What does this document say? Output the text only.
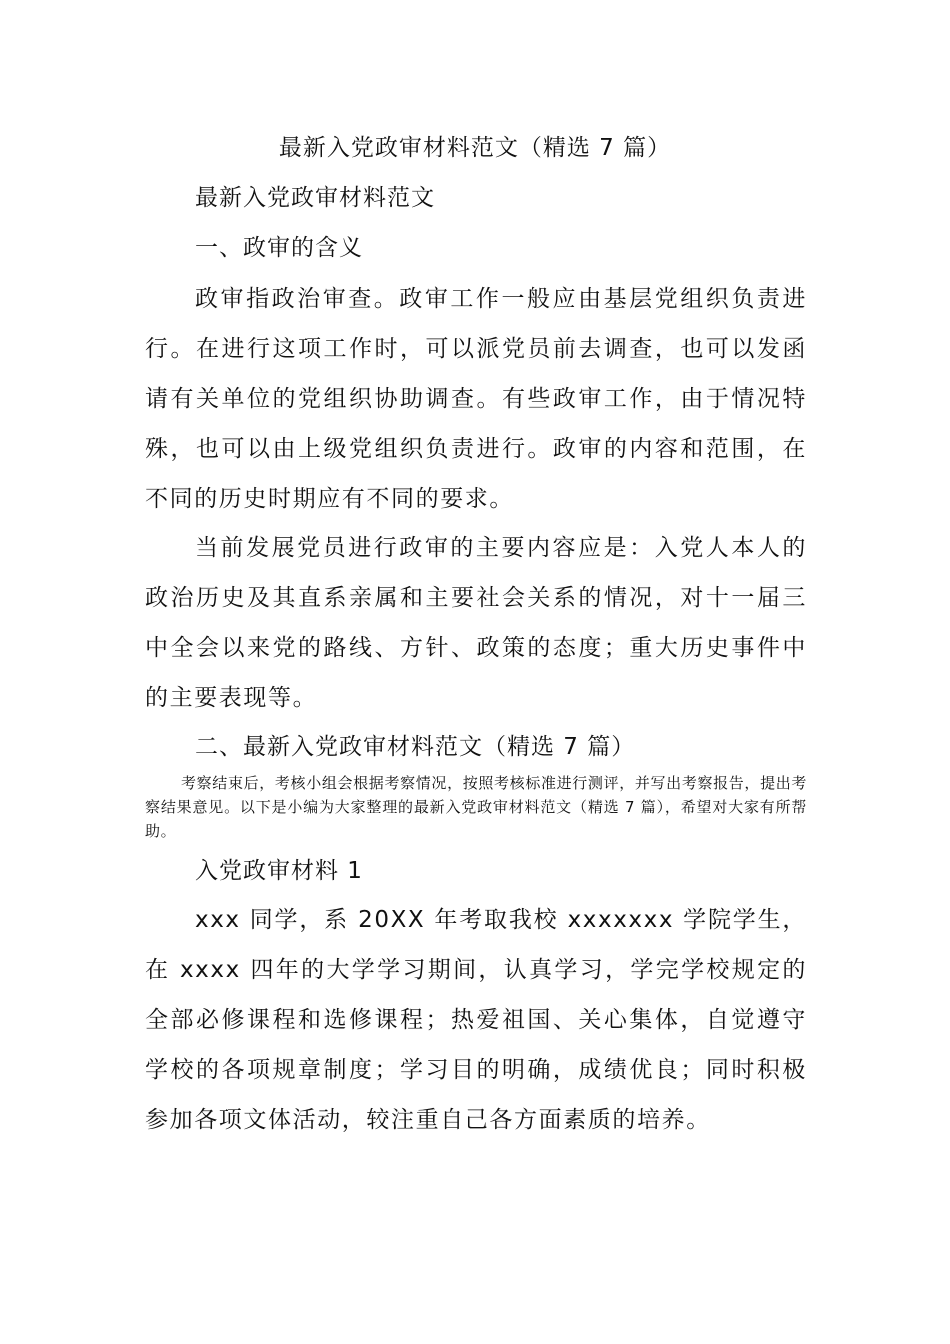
最新入党政审材料范文（精选 7 篇）
最新入党政审材料范文
一、政审的含义
政审指政治审查。政审工作一般应由基层党组织负责进行。在进行这项工作时，可以派党员前去调查，也可以发函请有关单位的党组织协助调查。有些政审工作，由于情况特殊，也可以由上级党组织负责进行。政审的内容和范围，在不同的历史时期应有不同的要求。
当前发展党员进行政审的主要内容应是：入党人本人的政治历史及其直系亲属和主要社会关系的情况，对十一届三中全会以来党的路线、方针、政策的态度；重大历史事件中的主要表现等。
二、最新入党政审材料范文（精选 7 篇）
考察结束后，考核小组会根据考察情况，按照考核标准进行测评，并写出考察报告，提出考察结果意见。以下是小编为大家整理的最新入党政审材料范文（精选 7 篇），希望对大家有所帮助。
入党政审材料 1
xxx 同学，系 20XX 年考取我校 xxxxxxx 学院学生，在 xxxx 四年的大学学习期间，认真学习，学完学校规定的全部必修课程和选修课程；热爱祖国、关心集体，自觉遵守学校的各项规章制度；学习目的明确，成绩优良；同时积极参加各项文体活动，较注重自己各方面素质的培养。
